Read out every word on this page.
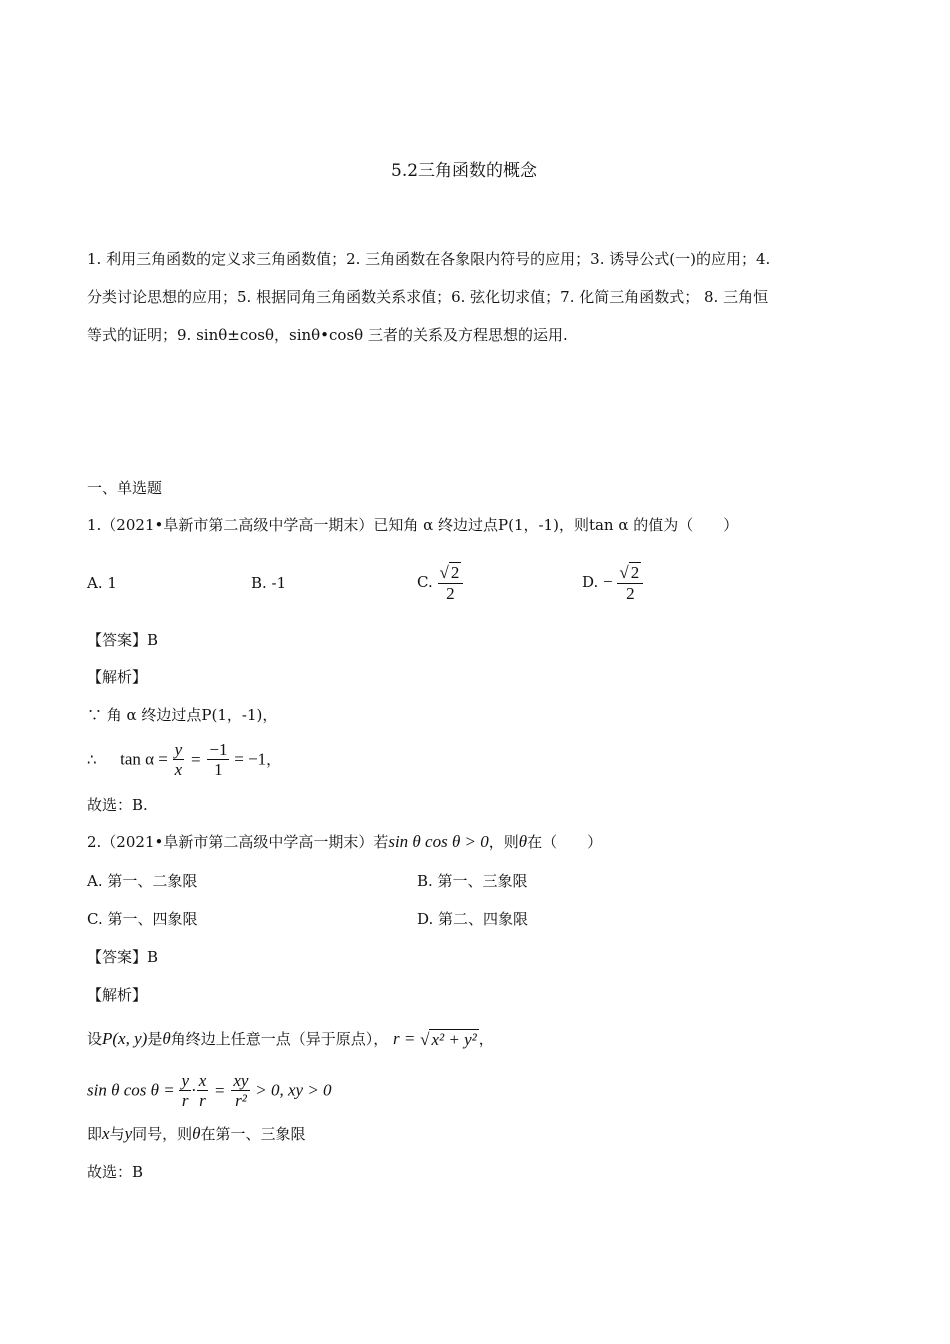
5.2三角函数的概念
1. 利用三角函数的定义求三角函数值；2. 三角函数在各象限内符号的应用；3. 诱导公式(一)的应用；4.
分类讨论思想的应用；5. 根据同角三角函数关系求值；6. 弦化切求值；7. 化简三角函数式； 8. 三角恒
等式的证明；9. sinθ±cosθ，sinθ•cosθ 三者的关系及方程思想的运用.
一、单选题
1.（2021•阜新市第二高级中学高一期末）已知角 α 终边过点P(1，-1)，则tan α 的值为（　　）
A. 1	B. -1	C. $\frac{√ 2}{2}$	D. − $\frac{√ 2}{2}$
【答案】B
【解析】
∵ 角 α 终边过点P(1，-1)，
∴ $\tan \alpha = \frac{y}{x} = \frac{-1}{1} = -1$，
故选：B.
2.（2021•阜新市第二高级中学高一期末）若sin θ cos θ > 0，则θ在（　　）
A. 第一、二象限	B. 第一、三象限
C. 第一、四象限	D. 第二、四象限
【答案】B
【解析】
设P(x, y)是θ角终边上任意一点（异于原点）， r = √ x² + y² ，
sin θ $\cos \theta = \frac{y}{r} \cdot \frac{x}{r} = \frac{xy}{\text{r²}} > 0$, xy > 0
即x与y同号，则θ在第一、三象限
故选：B
